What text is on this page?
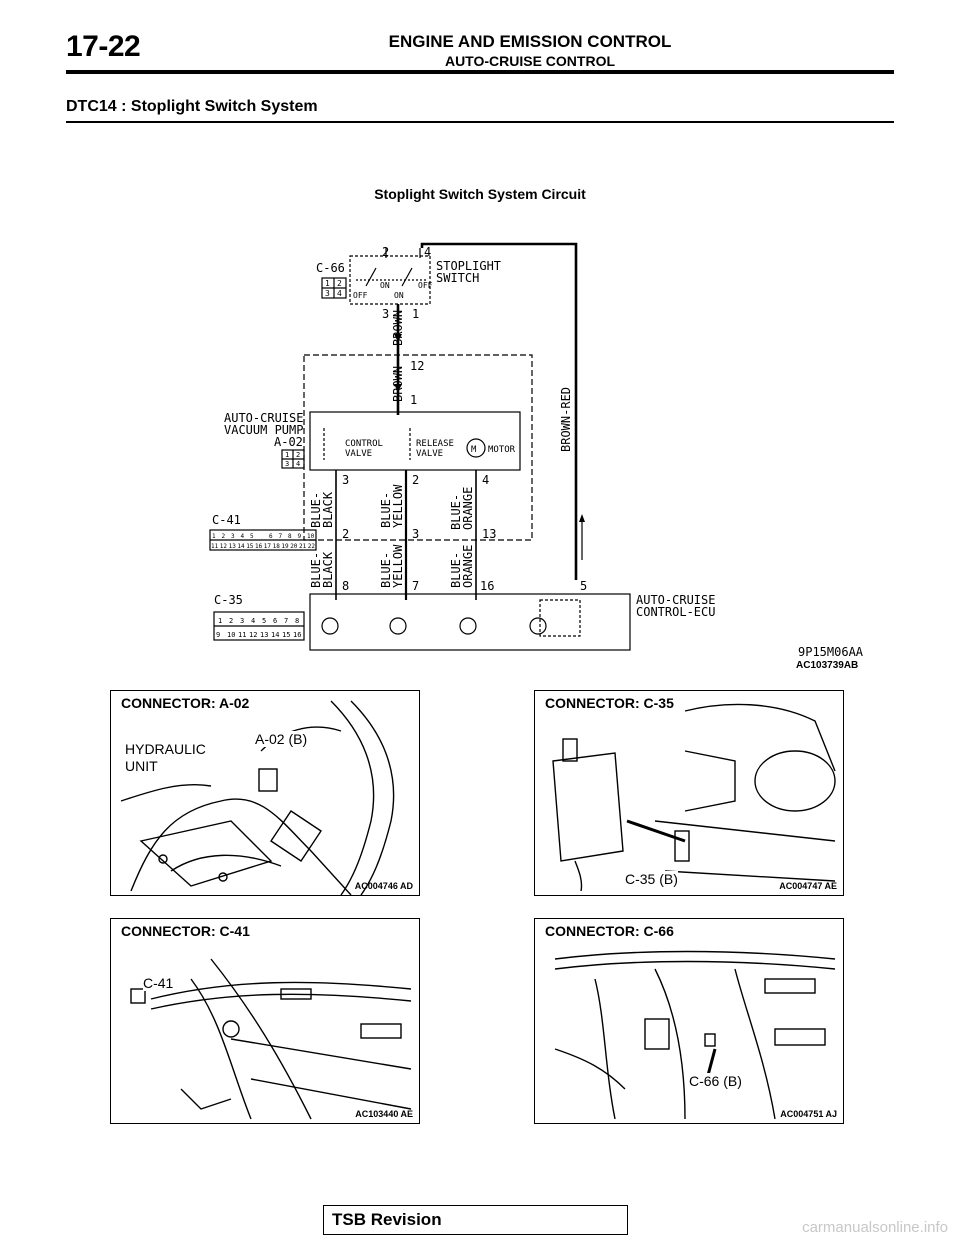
17-22	ENGINE AND EMISSION CONTROL
AUTO-CRUISE CONTROL
DTC14 : Stoplight Switch System
Stoplight Switch System Circuit
C-66	STOPLIGHT
SWITCH
2	4
3 1
OFF
ON
ON
OFF
1 2
3 4
BROWN
BROWN 12
1	BROWN-RED
AUTO-CRUISE
VACUUM PUMP
A-02	CONTROL
VALVE
RELEASE
VALVE	M MOTOR
1 2
3 4
3	2	4
BLUE-
BLACK	BLUE-
YELLOW	BLUE-
ORANGE
C-41
2	3	13
BLUE-
BLACK	BLUE-
YELLOW	BLUE-
ORANGE
8	7	16	5
C-35	AUTO-CRUISE
CONTROL-ECU
9P15M06AA
1 2 3 4 5	6 7 8 9 10
11 12 13 14 15 16 17 18 19 20 21 22
1 2 3 4 5 6 7 8
9 10 11 12 13 14 15 16
AC103739AB
CONNECTOR: A-02
A-02 (B)
HYDRAULIC
UNIT
AC004746 AD
CONNECTOR: C-35
C-35 (B)	AC004747 AE
CONNECTOR: C-41
C-41
AC103440 AE
CONNECTOR: C-66
C-66 (B)
AC004751 AJ
TSB Revision	carmanualsonline.info
